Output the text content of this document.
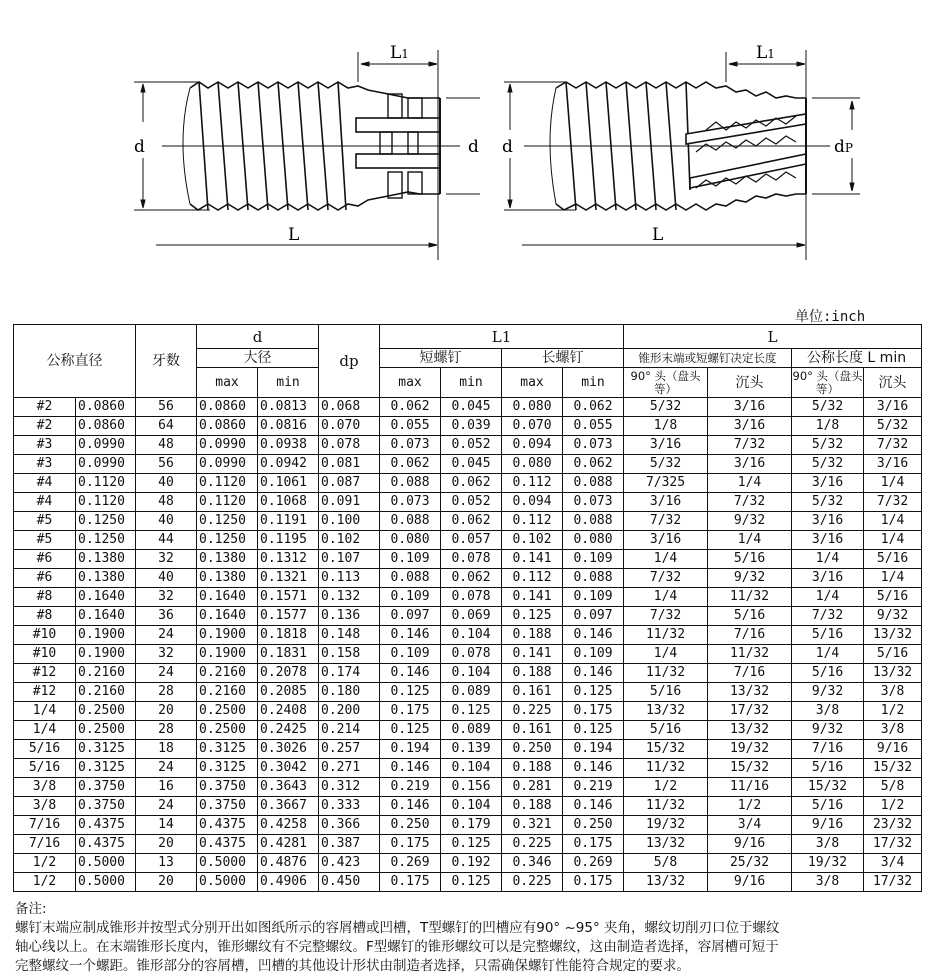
d
L
L1
d d
L
L1
dP
单位:inch
公称直径		牙数	d		dp	L1				L			
			大径			短螺钉		长螺钉		锥形末端或短螺钉决定长度		公称长度 L min	
			max	min		max	min	max	min	90° 头（盘头等）	沉头	90° 头（盘头等）	沉头
#2	0.0860	56	0.0860	0.0813	0.068	0.062	0.045	0.080	0.062	5/32	3/16	5/32	3/16
#2	0.0860	64	0.0860	0.0816	0.070	0.055	0.039	0.070	0.055	1/8	3/16	1/8	5/32
#3	0.0990	48	0.0990	0.0938	0.078	0.073	0.052	0.094	0.073	3/16	7/32	5/32	7/32
#3	0.0990	56	0.0990	0.0942	0.081	0.062	0.045	0.080	0.062	5/32	3/16	5/32	3/16
#4	0.1120	40	0.1120	0.1061	0.087	0.088	0.062	0.112	0.088	7/325	1/4	3/16	1/4
#4	0.1120	48	0.1120	0.1068	0.091	0.073	0.052	0.094	0.073	3/16	7/32	5/32	7/32
#5	0.1250	40	0.1250	0.1191	0.100	0.088	0.062	0.112	0.088	7/32	9/32	3/16	1/4
#5	0.1250	44	0.1250	0.1195	0.102	0.080	0.057	0.102	0.080	3/16	1/4	3/16	1/4
#6	0.1380	32	0.1380	0.1312	0.107	0.109	0.078	0.141	0.109	1/4	5/16	1/4	5/16
#6	0.1380	40	0.1380	0.1321	0.113	0.088	0.062	0.112	0.088	7/32	9/32	3/16	1/4
#8	0.1640	32	0.1640	0.1571	0.132	0.109	0.078	0.141	0.109	1/4	11/32	1/4	5/16
#8	0.1640	36	0.1640	0.1577	0.136	0.097	0.069	0.125	0.097	7/32	5/16	7/32	9/32
#10	0.1900	24	0.1900	0.1818	0.148	0.146	0.104	0.188	0.146	11/32	7/16	5/16	13/32
#10	0.1900	32	0.1900	0.1831	0.158	0.109	0.078	0.141	0.109	1/4	11/32	1/4	5/16
#12	0.2160	24	0.2160	0.2078	0.174	0.146	0.104	0.188	0.146	11/32	7/16	5/16	13/32
#12	0.2160	28	0.2160	0.2085	0.180	0.125	0.089	0.161	0.125	5/16	13/32	9/32	3/8
1/4	0.2500	20	0.2500	0.2408	0.200	0.175	0.125	0.225	0.175	13/32	17/32	3/8	1/2
1/4	0.2500	28	0.2500	0.2425	0.214	0.125	0.089	0.161	0.125	5/16	13/32	9/32	3/8
5/16	0.3125	18	0.3125	0.3026	0.257	0.194	0.139	0.250	0.194	15/32	19/32	7/16	9/16
5/16	0.3125	24	0.3125	0.3042	0.271	0.146	0.104	0.188	0.146	11/32	15/32	5/16	15/32
3/8	0.3750	16	0.3750	0.3643	0.312	0.219	0.156	0.281	0.219	1/2	11/16	15/32	5/8
3/8	0.3750	24	0.3750	0.3667	0.333	0.146	0.104	0.188	0.146	11/32	1/2	5/16	1/2
7/16	0.4375	14	0.4375	0.4258	0.366	0.250	0.179	0.321	0.250	19/32	3/4	9/16	23/32
7/16	0.4375	20	0.4375	0.4281	0.387	0.175	0.125	0.225	0.175	13/32	9/16	3/8	17/32
1/2	0.5000	13	0.5000	0.4876	0.423	0.269	0.192	0.346	0.269	5/8	25/32	19/32	3/4
1/2	0.5000	20	0.5000	0.4906	0.450	0.175	0.125	0.225	0.175	13/32	9/16	3/8	17/32

备注:

螺钉末端应制成锥形并按型式分别开出如图纸所示的容屑槽或凹槽，T型螺钉的凹槽应有90° ~95° 夹角，螺纹切削刃口位于螺纹

轴心线以上。在末端锥形长度内，锥形螺纹有不完整螺纹。F型螺钉的锥形螺纹可以是完整螺纹，这由制造者选择，容屑槽可短于

完整螺纹一个螺距。锥形部分的容屑槽，凹槽的其他设计形状由制造者选择，只需确保螺钉性能符合规定的要求。
